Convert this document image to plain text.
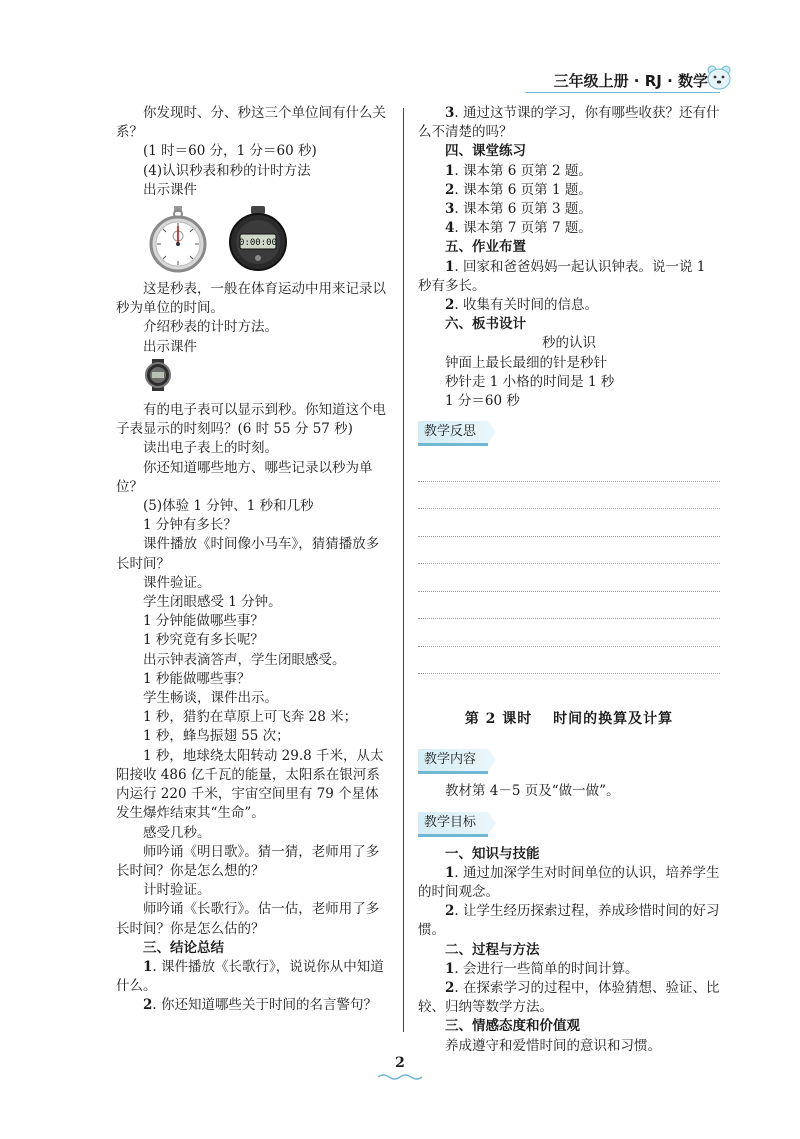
三年级上册 · RJ · 数学

你发现时、分、秒这三个单位间有什么关系？

(1 时＝60 分，1 分＝60 秒)

(4)认识秒表和秒的计时方法

出示课件

0:00:00

这是秒表，一般在体育运动中用来记录以秒为单位的时间。

介绍秒表的计时方法。

出示课件

有的电子表可以显示到秒。你知道这个电子表显示的时刻吗？(6 时 55 分 57 秒)

读出电子表上的时刻。

你还知道哪些地方、哪些记录以秒为单位？

(5)体验 1 分钟、1 秒和几秒

1 分钟有多长？

课件播放《时间像小马车》，猜猜播放多长时间？

课件验证。

学生闭眼感受 1 分钟。

1 分钟能做哪些事？

1 秒究竟有多长呢？

出示钟表滴答声，学生闭眼感受。

1 秒能做哪些事？

学生畅谈，课件出示。

1 秒，猎豹在草原上可飞奔 28 米；

1 秒，蜂鸟振翅 55 次；

1 秒，地球绕太阳转动 29.8 千米，从太阳接收 486 亿千瓦的能量，太阳系在银河系内运行 220 千米，宇宙空间里有 79 个星体发生爆炸结束其“生命”。

感受几秒。

师吟诵《明日歌》。猜一猜，老师用了多长时间？你是怎么想的？

计时验证。

师吟诵《长歌行》。估一估，老师用了多长时间？你是怎么估的？

三、结论总结

1. 课件播放《长歌行》，说说你从中知道什么。

2. 你还知道哪些关于时间的名言警句？

3. 通过这节课的学习，你有哪些收获？还有什么不清楚的吗？

四、课堂练习

1. 课本第 6 页第 2 题。

2. 课本第 6 页第 1 题。

3. 课本第 6 页第 3 题。

4. 课本第 7 页第 7 题。

五、作业布置

1. 回家和爸爸妈妈一起认识钟表。说一说 1 秒有多长。

2. 收集有关时间的信息。

六、板书设计

秒的认识

钟面上最长最细的针是秒针

秒针走 1 小格的时间是 1 秒

1 分＝60 秒

教学反思
第 2 课时　 时间的换算及计算
教学内容

教材第 4－5 页及“做一做”。

教学目标

一、知识与技能

1. 通过加深学生对时间单位的认识，培养学生的时间观念。

2. 让学生经历探索过程，养成珍惜时间的好习惯。

二、过程与方法

1. 会进行一些简单的时间计算。

2. 在探索学习的过程中，体验猜想、验证、比较、归纳等数学方法。

三、情感态度和价值观

养成遵守和爱惜时间的意识和习惯。

2
